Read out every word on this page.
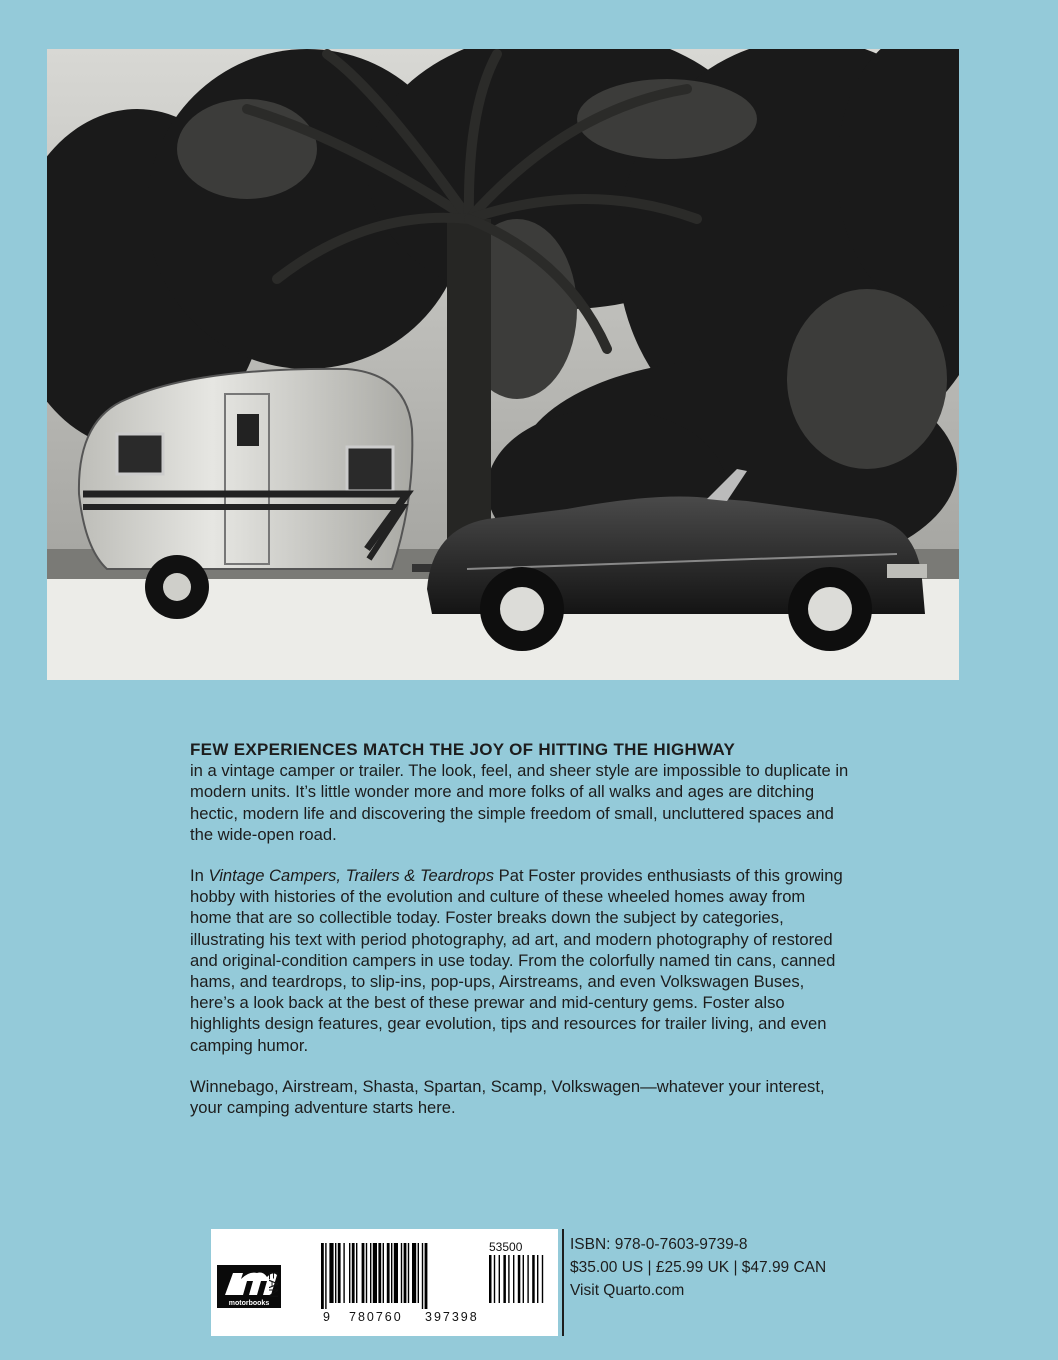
FEW EXPERIENCES MATCH THE JOY OF HITTING THE HIGHWAY
in a vintage camper or trailer. The look, feel, and sheer style are impossible to duplicate in modern units. It’s little wonder more and more folks of all walks and ages are ditching hectic, modern life and discovering the simple freedom of small, uncluttered spaces and the wide-open road.

In Vintage Campers, Trailers & Teardrops Pat Foster provides enthusiasts of this growing hobby with histories of the evolution and culture of these wheeled homes away from home that are so collectible today. Foster breaks down the subject by categories, illustrating his text with period photography, ad art, and modern photography of restored and original-condition campers in use today. From the colorfully named tin cans, canned hams, and teardrops, to slip-ins, pop-ups, Airstreams, and even Volkswagen Buses, here’s a look back at the best of these prewar and mid-century gems. Foster also highlights design features, gear evolution, tips and resources for trailer living, and even camping humor.

Winnebago, Airstream, Shasta, Spartan, Scamp, Volkswagen—whatever your interest, your camping adventure starts here.

motorbooks
EAN
53500
9 780760 397398
ISBN: 978-0-7603-9739-8
$35.00 US | £25.99 UK | $47.99 CAN
Visit Quarto.com
